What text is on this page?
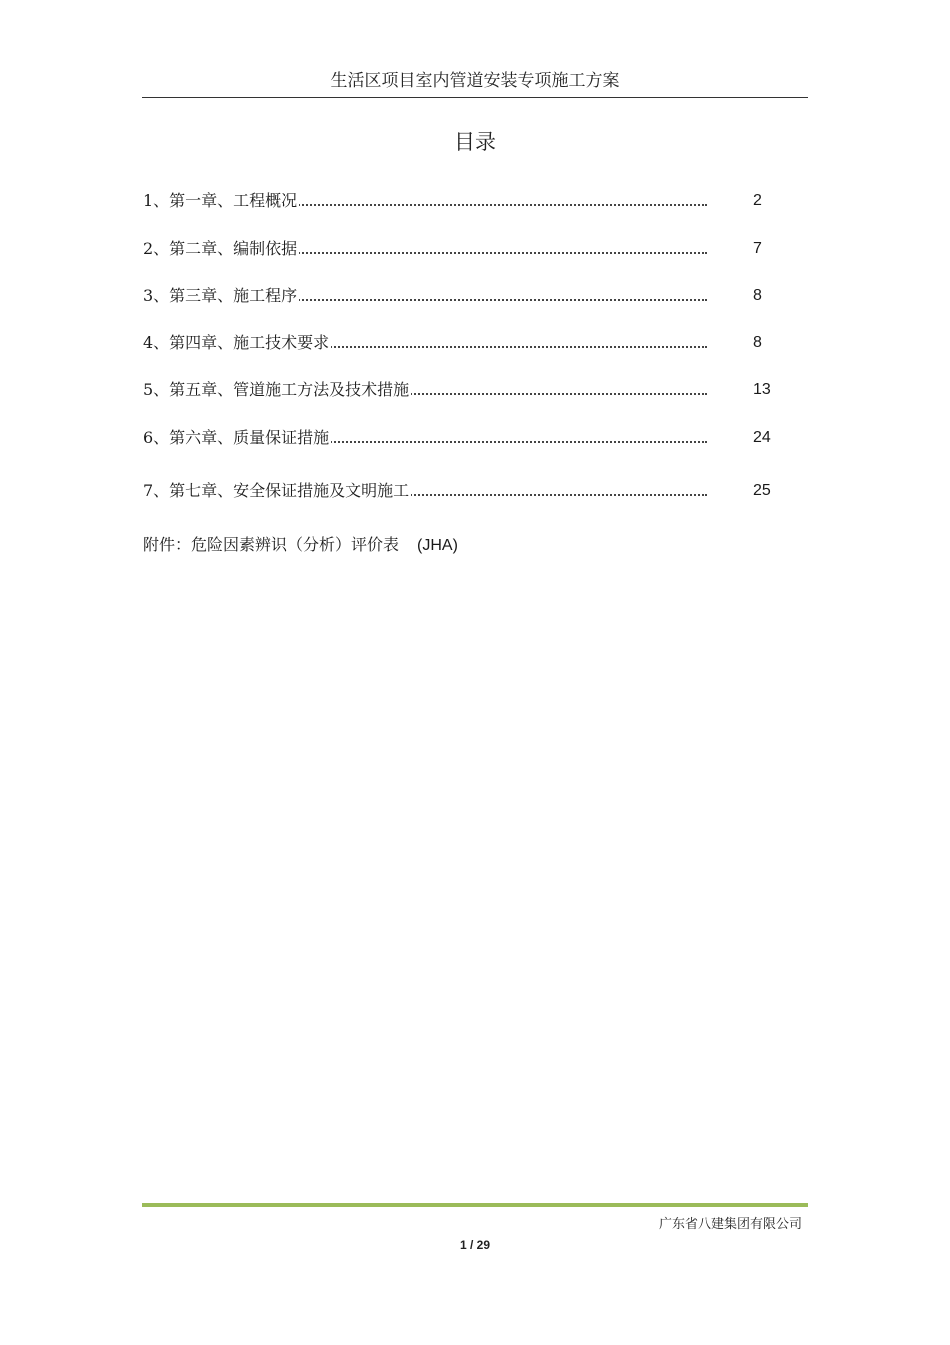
生活区项目室内管道安装专项施工方案
目录
1、第一章、工程概况	2
2、第二章、编制依据	7
3、第三章、施工程序	8
4、第四章、施工技术要求	8
5、第五章、管道施工方法及技术措施	13
6、第六章、质量保证措施	24
7、第七章、安全保证措施及文明施工	25
附件：危险因素辨识（分析）评价表 (JHA)
广东省八建集团有限公司
1 / 29
